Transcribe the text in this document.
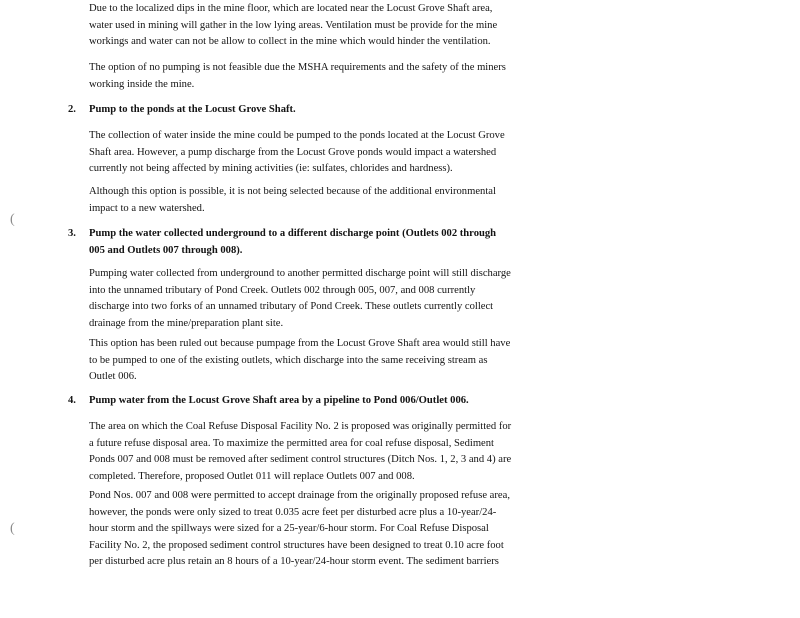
Due to the localized dips in the mine floor, which are located near the Locust Grove Shaft area,
water used in mining will gather in the low lying areas. Ventilation must be provide for the mine
workings and water can not be allow to collect in the mine which would hinder the ventilation.
The option of no pumping is not feasible due the MSHA requirements and the safety of the miners
working inside the mine.
2.	Pump to the ponds at the Locust Grove Shaft.
The collection of water inside the mine could be pumped to the ponds located at the Locust Grove
Shaft area. However, a pump discharge from the Locust Grove ponds would impact a watershed
currently not being affected by mining activities (ie: sulfates, chlorides and hardness).
Although this option is possible, it is not being selected because of the additional environmental
impact to a new watershed.
3.	Pump the water collected underground to a different discharge point (Outlets 002 through
005 and Outlets 007 through 008).
Pumping water collected from underground to another permitted discharge point will still discharge
into the unnamed tributary of Pond Creek. Outlets 002 through 005, 007, and 008 currently
discharge into two forks of an unnamed tributary of Pond Creek. These outlets currently collect
drainage from the mine/preparation plant site.
This option has been ruled out because pumpage from the Locust Grove Shaft area would still have
to be pumped to one of the existing outlets, which discharge into the same receiving stream as
Outlet 006.
4.	Pump water from the Locust Grove Shaft area by a pipeline to Pond 006/Outlet 006.
The area on which the Coal Refuse Disposal Facility No. 2 is proposed was originally permitted for
a future refuse disposal area. To maximize the permitted area for coal refuse disposal, Sediment
Ponds 007 and 008 must be removed after sediment control structures (Ditch Nos. 1, 2, 3 and 4) are
completed. Therefore, proposed Outlet 011 will replace Outlets 007 and 008.
Pond Nos. 007 and 008 were permitted to accept drainage from the originally proposed refuse area,
however, the ponds were only sized to treat 0.035 acre feet per disturbed acre plus a 10-year/24-
hour storm and the spillways were sized for a 25-year/6-hour storm. For Coal Refuse Disposal
Facility No. 2, the proposed sediment control structures have been designed to treat 0.10 acre foot
per disturbed acre plus retain an 8 hours of a 10-year/24-hour storm event. The sediment barriers
(
(
